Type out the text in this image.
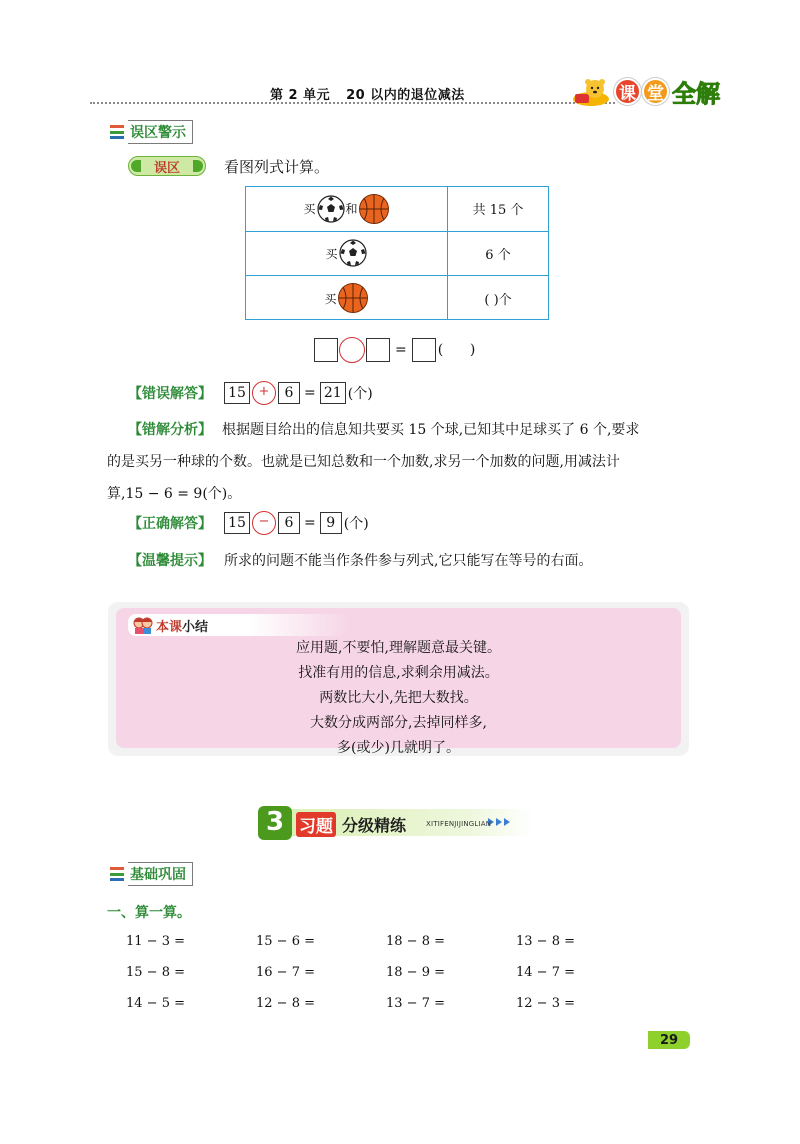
第 2 单元 20 以内的退位减法	课 堂 全解
误区警示
误区	看图列式计算。
买	和	共 15 个
买	6 个
买	( )个
= (      )
【错误解答】 15 +	6 = 21 (个)
【错解分析】 根据题目给出的信息知共要买 15 个球,已知其中足球买了 6 个,要求
的是买另一种球的个数。也就是已知总数和一个加数,求另一个加数的问题,用减法计
算,15 − 6 = 9(个)。
【正确解答】 15 −	6 = 9 (个)
【温馨提示】 所求的问题不能当作条件参与列式,它只能写在等号的右面。
本课小结
应用题,不要怕,理解题意最关键。
找准有用的信息,求剩余用减法。
两数比大小,先把大数找。
大数分成两部分,去掉同样多,
多(或少)几就明了。
3 习题 分级精练	XITIFENJIJINGLIAN
基础巩固
一、算一算。
11 − 3 =	15 − 6 =	18 − 8 =	13 − 8 =
15 − 8 =	16 − 7 =	18 − 9 =	14 − 7 =
14 − 5 =	12 − 8 =	13 − 7 =	12 − 3 =
29
